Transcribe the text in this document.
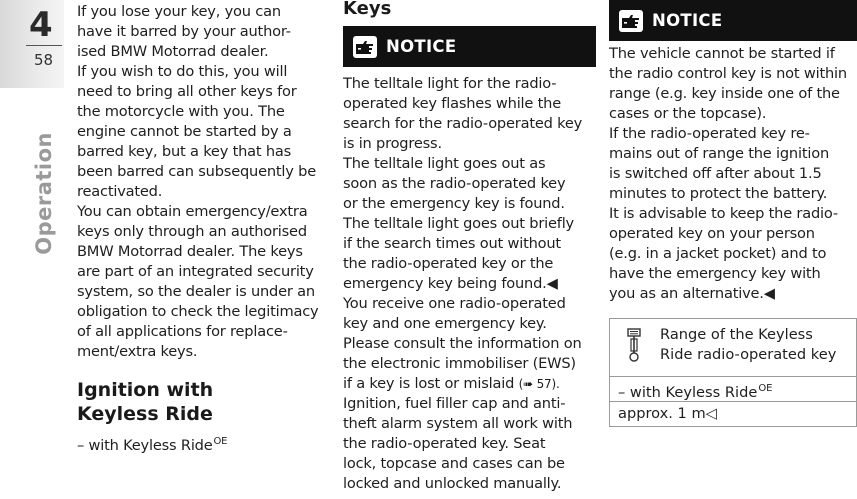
4
58
Operation

If you lose your key, you can
have it barred by your author-
ised BMW Motorrad dealer.

If you wish to do this, you will
need to bring all other keys for
the motorcycle with you. The
engine cannot be started by a
barred key, but a key that has
been barred can subsequently be
reactivated.

You can obtain emergency/extra
keys only through an authorised
BMW Motorrad dealer. The keys
are part of an integrated security
system, so the dealer is under an
obligation to check the legitimacy
of all applications for replace-
ment/extra keys.

Ignition with
Keyless Ride

– with Keyless Ride$^{OE}$

Keys
NOTICE

The telltale light for the radio-
operated key flashes while the
search for the radio-operated key
is in progress.

The telltale light goes out as
soon as the radio-operated key
or the emergency key is found.

The telltale light goes out briefly
if the search times out without
the radio-operated key or the
emergency key being found.◀

You receive one radio-operated
key and one emergency key.
Please consult the information on
the electronic immobiliser (EWS)
if a key is lost or mislaid (➠ 57).

Ignition, fuel filler cap and anti-
theft alarm system all work with
the radio-operated key. Seat
lock, topcase and cases can be
locked and unlocked manually.

NOTICE

The vehicle cannot be started if
the radio control key is not within
range (e.g. key inside one of the
cases or the topcase).

If the radio-operated key re-
mains out of range the ignition
is switched off after about 1.5
minutes to protect the battery.

It is advisable to keep the radio-
operated key on your person
(e.g. in a jacket pocket) and to
have the emergency key with
you as an alternative.◀

Range of the Keyless
Ride radio-operated key

– with Keyless Ride$^{OE}$

approx. 1 m◁
